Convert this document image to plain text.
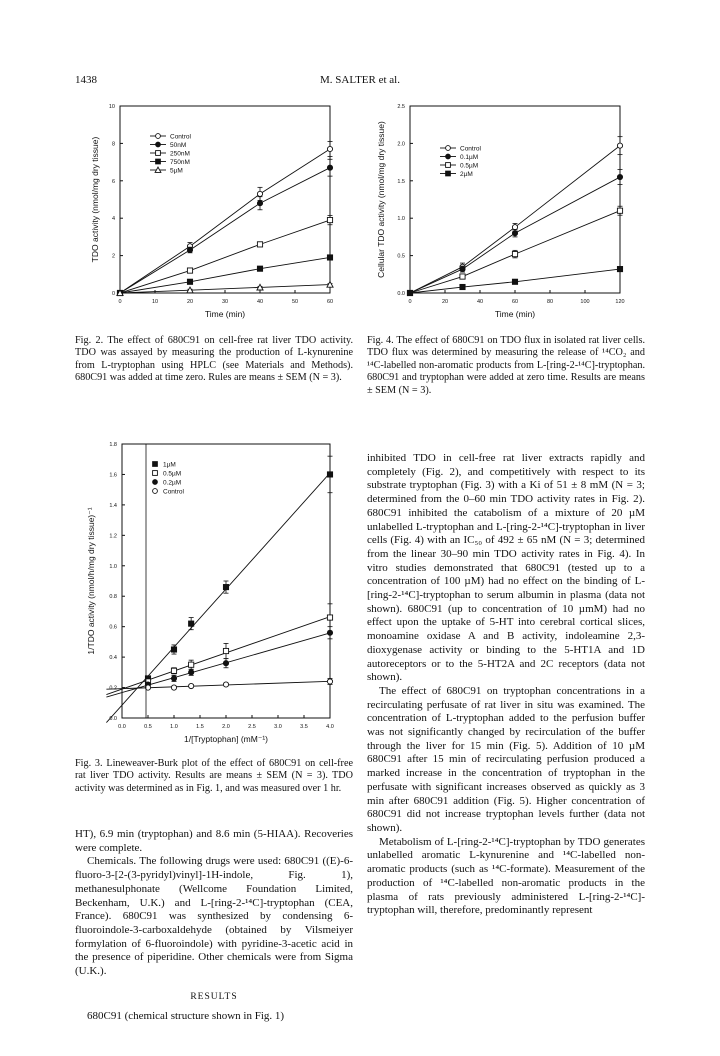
1438	M. SALTER et al.
0	10	20	30	40	50	60
0
2
4
6
8
10
Time (min)
TDO activity (nmol/mg dry tissue)	Control
50nM
250nM
750nM
5µM
Fig. 2. The effect of 680C91 on cell-free rat liver TDO activity. TDO was assayed by measuring the production of L-kynurenine from L-tryptophan using HPLC (see Materials and Methods). 680C91 was added at time zero. Rules are means ± SEM (N = 3).
0	20	40	60	80	100	120
0.0
0.5
1.0
1.5
2.0
2.5
Time (min)
Cellular TDO activity (nmol/mg dry tissue)	Control
0.1µM
0.5µM
2µM
Fig. 4. The effect of 680C91 on TDO flux in isolated rat liver cells. TDO flux was determined by measuring the release of ¹⁴CO₂ and ¹⁴C-labelled non-aromatic products from L-[ring-2-¹⁴C]-tryptophan. 680C91 and tryptophan were added at zero time. Results are means ± SEM (N = 3).
0.0	0.5	1.0	1.5	2.0	2.5	3.0	3.5	4.0
0.0
0.2
0.4
0.6
0.8
1.0
1.2
1.4
1.6
1.8
1/[Tryptophan] (mM⁻¹)
1/TDO activity (nmol/h/mg dry tissue)⁻¹
1µM
0.5µM
0.2µM
Control
Fig. 3. Lineweaver-Burk plot of the effect of 680C91 on cell-free rat liver TDO activity. Results are means ± SEM (N = 3). TDO activity was determined as in Fig. 1, and was measured over 1 hr.

HT), 6.9 min (tryptophan) and 8.6 min (5-HIAA). Recoveries were complete.

Chemicals. The following drugs were used: 680C91 ((E)-6-fluoro-3-[2-(3-pyridyl)vinyl]-1H-indole, Fig. 1), methanesulphonate (Wellcome Foundation Limited, Beckenham, U.K.) and L-[ring-2-¹⁴C]-tryptophan (CEA, France). 680C91 was synthesized by condensing 6-fluoroindole-3-carboxaldehyde (obtained by Vilsmeiyer formylation of 6-fluoroindole) with pyridine-3-acetic acid in the presence of piperidine. Other chemicals were from Sigma (U.K.).

RESULTS

680C91 (chemical structure shown in Fig. 1)

inhibited TDO in cell-free rat liver extracts rapidly and completely (Fig. 2), and competitively with respect to its substrate tryptophan (Fig. 3) with a Ki of 51 ± 8 mM (N = 3; determined from the 0–60 min TDO activity rates in Fig. 2). 680C91 inhibited the catabolism of a mixture of 20 µM unlabelled L-tryptophan and L-[ring-2-¹⁴C]-tryptophan in liver cells (Fig. 4) with an IC₅₀ of 492 ± 65 nM (N = 3; determined from the linear 30–90 min TDO activity rates in Fig. 4). In vitro studies demonstrated that 680C91 (tested up to a concentration of 100 µM) had no effect on the binding of L-[ring-2-¹⁴C]-tryptophan to serum albumin in plasma (data not shown). 680C91 (up to concentration of 10 µmM) had no effect upon the uptake of 5-HT into cerebral cortical slices, monoamine oxidase A and B activity, indoleamine 2,3-dioxygenase activity or binding to the 5-HT1A and 1D autoreceptors or to the 5-HT2A and 2C receptors (data not shown).

The effect of 680C91 on tryptophan concentrations in a recirculating perfusate of rat liver in situ was examined. The concentration of L-tryptophan added to the perfusion buffer was not significantly changed by recirculation of the buffer through the liver for 15 min (Fig. 5). Addition of 10 µM 680C91 after 15 min of recirculating perfusion produced a marked increase in the concentration of tryptophan in the perfusate with significant increases observed as quickly as 3 min after 680C91 addition (Fig. 5). Higher concentration of 680C91 did not increase tryptophan levels further (data not shown).

Metabolism of L-[ring-2-¹⁴C]-tryptophan by TDO generates unlabelled aromatic L-kynurenine and ¹⁴C-labelled non-aromatic products (such as ¹⁴C-formate). Measurement of the production of ¹⁴C-labelled non-aromatic products in the plasma of rats previously administered L-[ring-2-¹⁴C]-tryptophan will, therefore, predominantly represent
